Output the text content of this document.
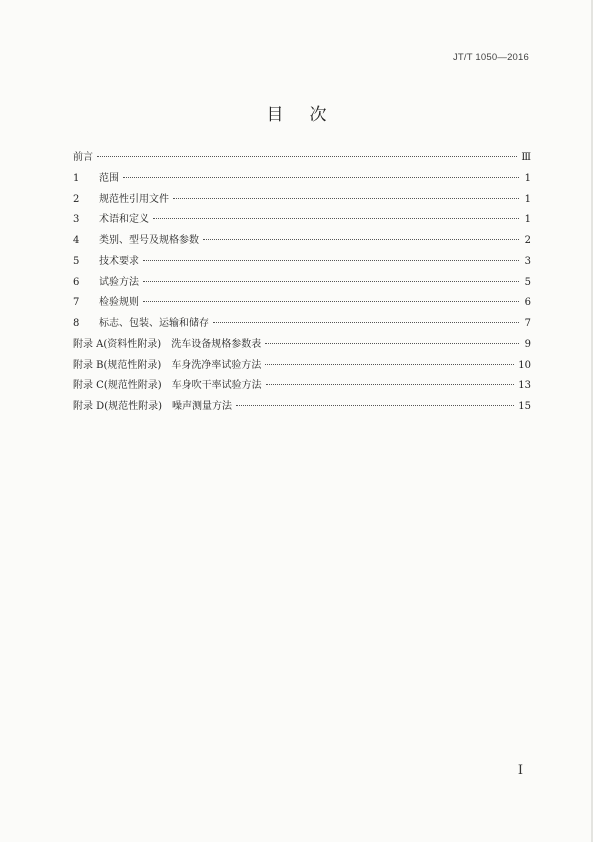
JT/T 1050—2016
目次
前言	Ⅲ
1	范围	1
2	规范性引用文件	1
3	术语和定义	1
4	类别、型号及规格参数	2
5	技术要求	3
6	试验方法	5
7	检验规则	6
8	标志、包装、运输和储存	7
附录 A(资料性附录) 洗车设备规格参数表	9
附录 B(规范性附录) 车身洗净率试验方法	10
附录 C(规范性附录) 车身吹干率试验方法	13
附录 D(规范性附录) 噪声测量方法	15
I
